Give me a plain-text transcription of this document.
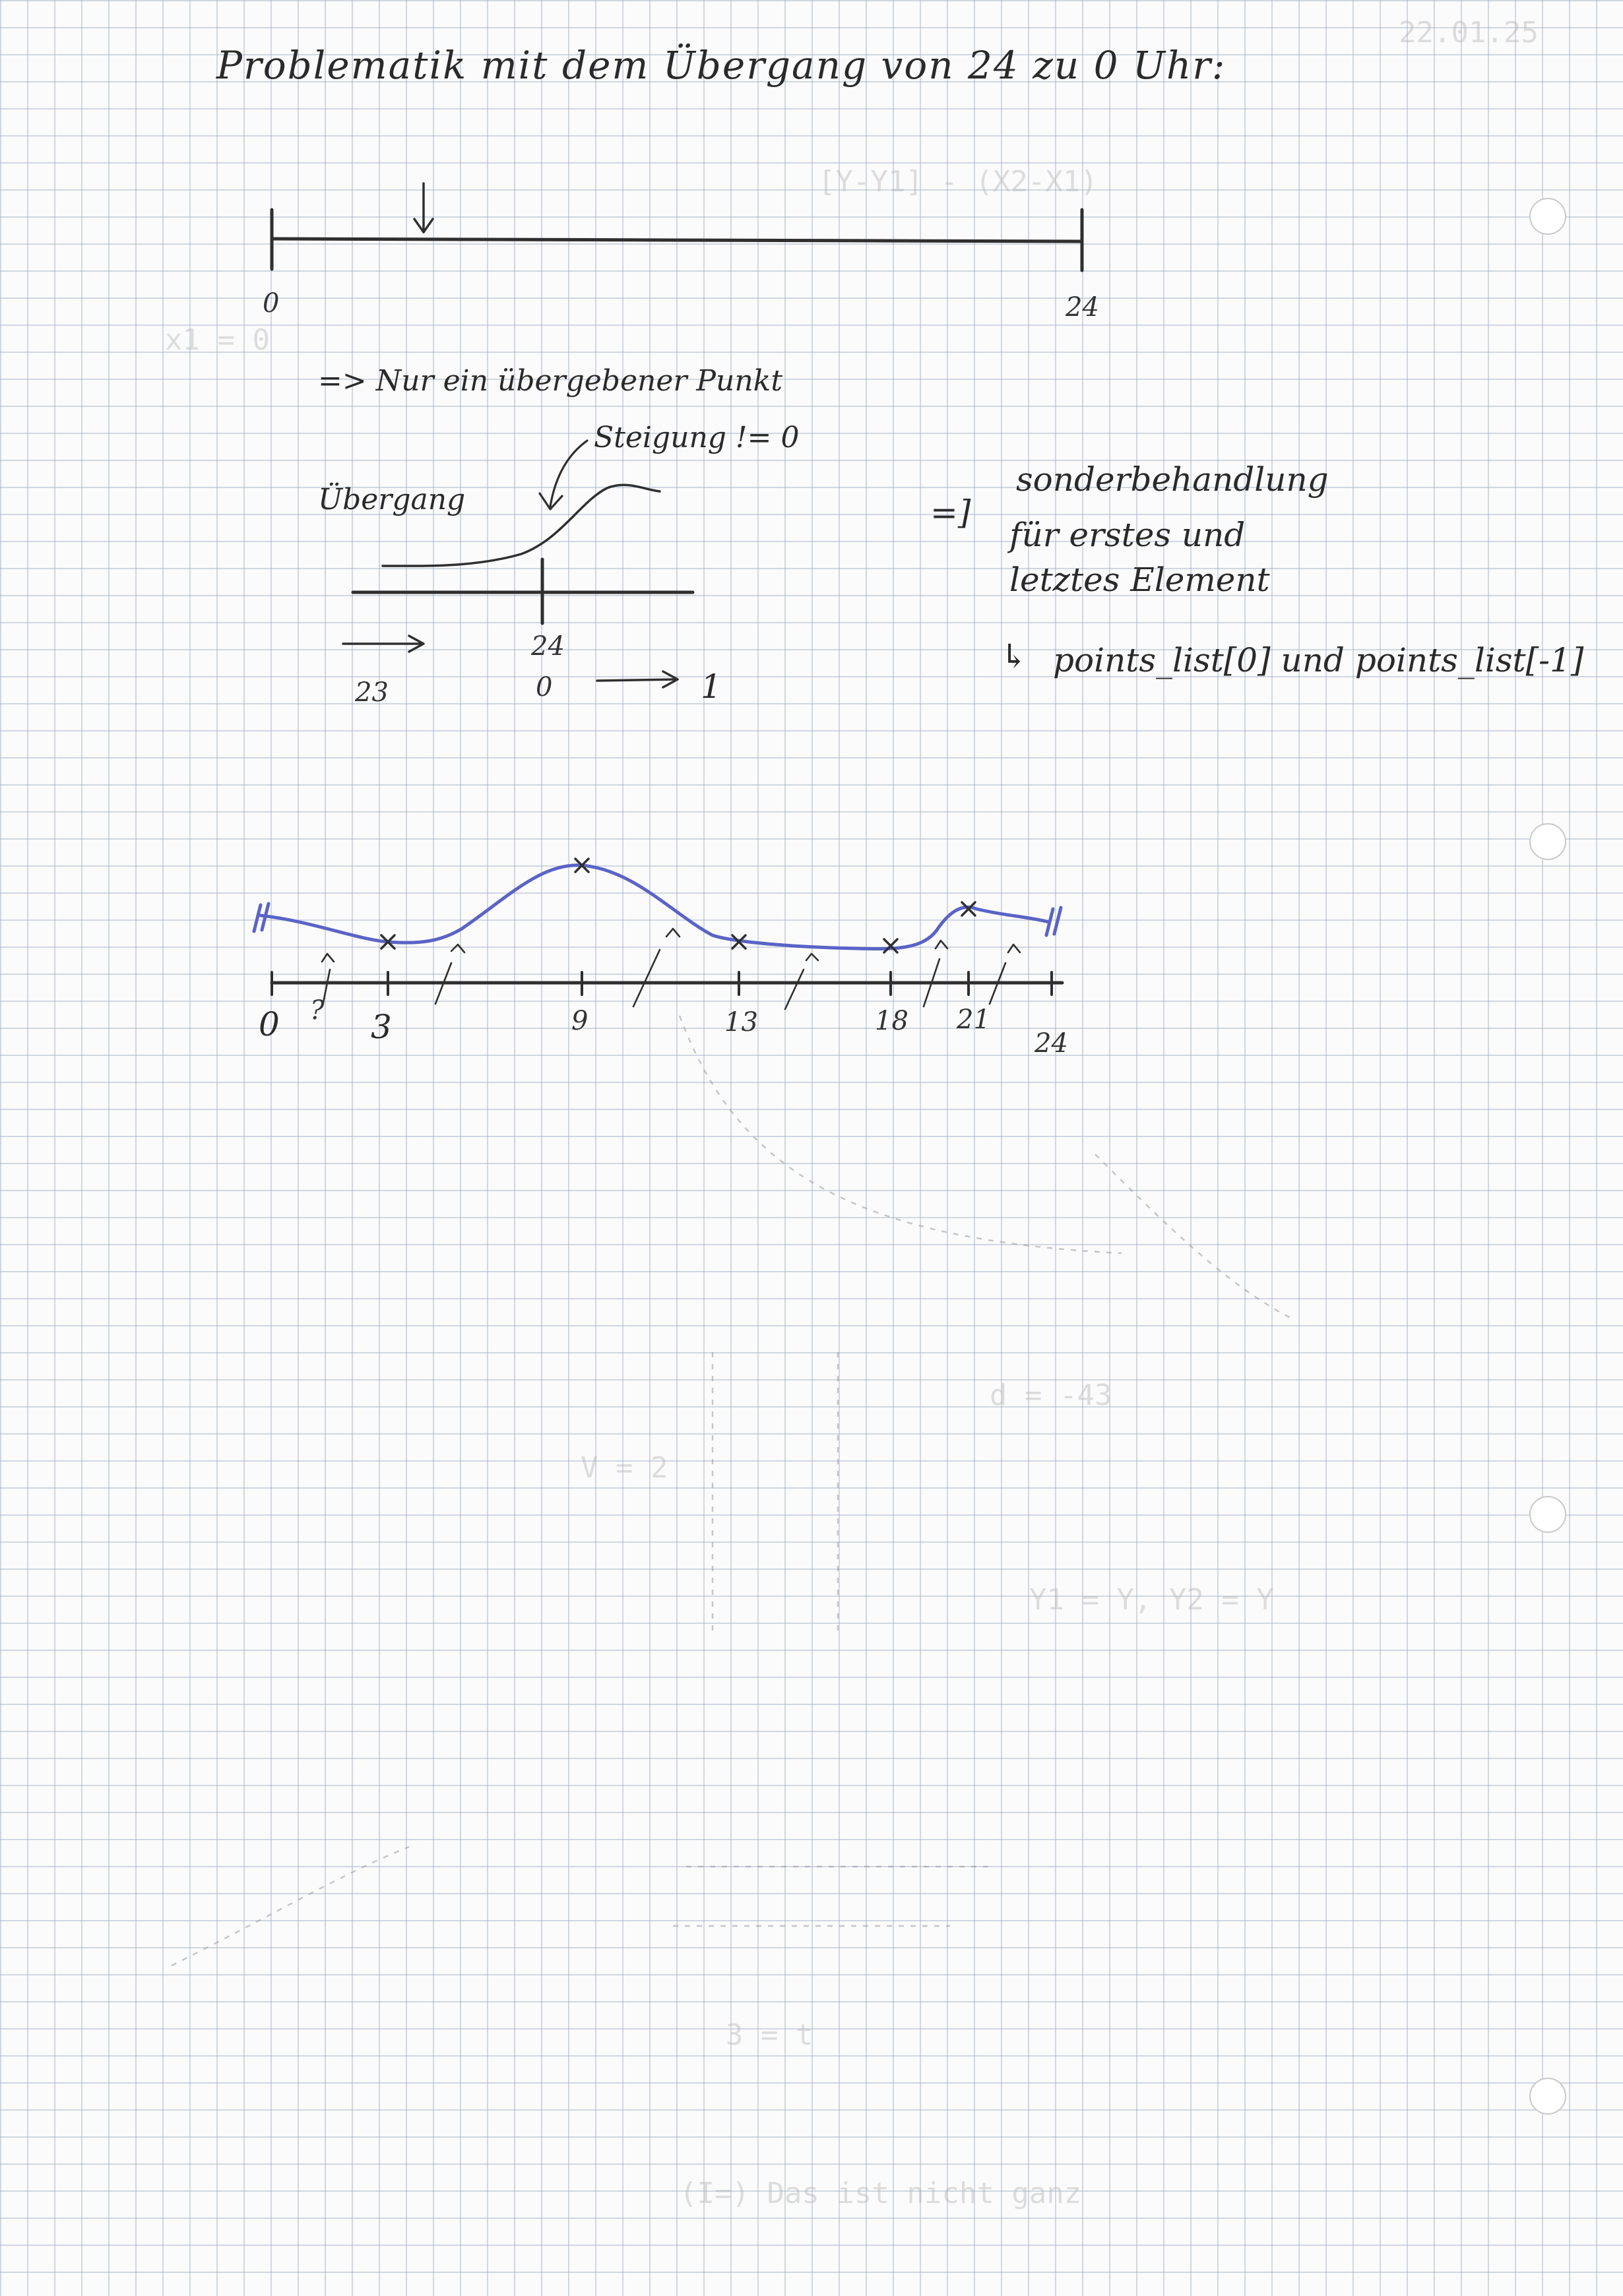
22.01.25
[Y-Y1] - (X2-X1)
x1 = 0
V = 2
d = -43
Y1 = Y, Y2 = Y
3 = t
(I=) Das ist nicht ganz

Problematik mit dem Übergang von 24 zu 0 Uhr:

0	24

=> Nur ein übergebener Punkt

Steigung != 0

Übergang

24

0

23	1

=]

sonderbehandlung

für erstes und

letztes Element

↳ points_list[0] und points_list[-1]

0 ? 3	9	13	18 21

24
